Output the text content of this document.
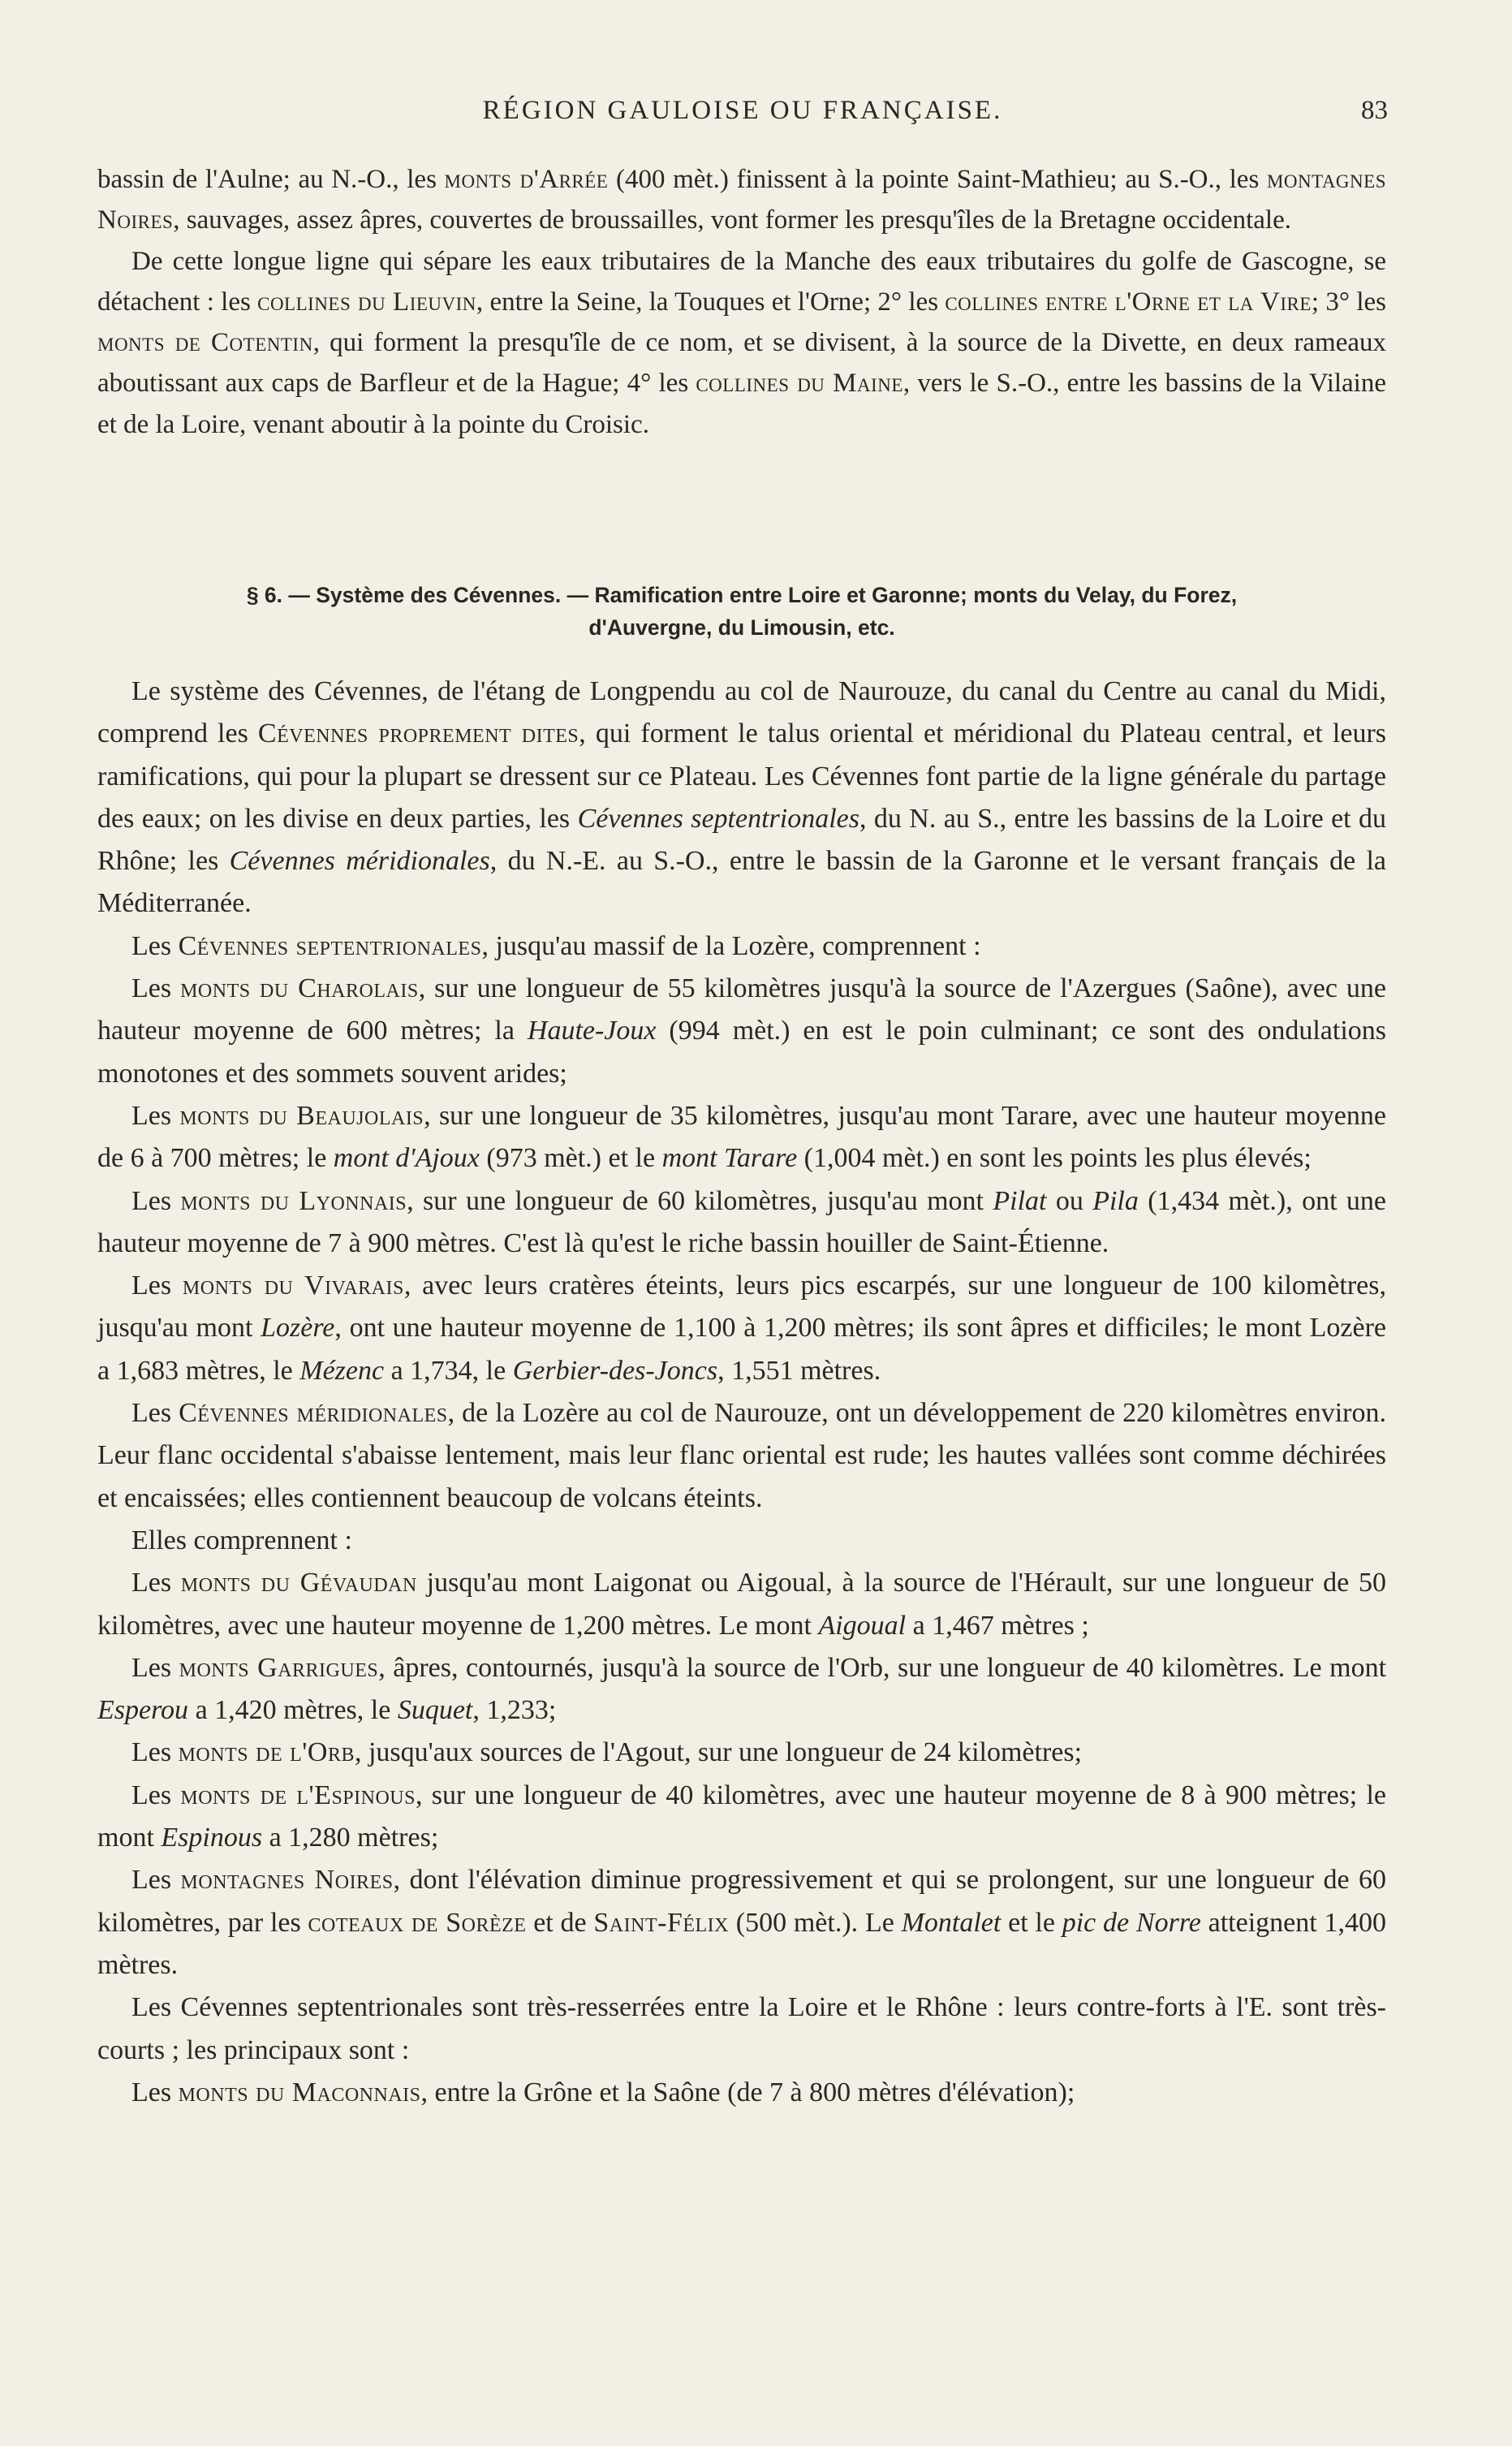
RÉGION GAULOISE OU FRANÇAISE.	83

bassin de l'Aulne; au N.-O., les monts d'Arrée (400 mèt.) finissent à la pointe Saint-Mathieu; au S.-O., les montagnes Noires, sauvages, assez âpres, couvertes de broussailles, vont former les presqu'îles de la Bretagne occidentale.

De cette longue ligne qui sépare les eaux tributaires de la Manche des eaux tributaires du golfe de Gascogne, se détachent : les collines du Lieuvin, entre la Seine, la Touques et l'Orne; 2° les collines entre l'Orne et la Vire; 3° les monts de Cotentin, qui forment la presqu'île de ce nom, et se divisent, à la source de la Divette, en deux rameaux aboutissant aux caps de Barfleur et de la Hague; 4° les collines du Maine, vers le S.-O., entre les bassins de la Vilaine et de la Loire, venant aboutir à la pointe du Croisic.

§ 6. — Système des Cévennes. — Ramification entre Loire et Garonne; monts du Velay, du Forez,
d'Auvergne, du Limousin, etc.

Le système des Cévennes, de l'étang de Longpendu au col de Naurouze, du canal du Centre au canal du Midi, comprend les Cévennes proprement dites, qui forment le talus oriental et méridional du Plateau central, et leurs ramifications, qui pour la plupart se dressent sur ce Plateau. Les Cévennes font partie de la ligne générale du partage des eaux; on les divise en deux parties, les Cévennes septentrionales, du N. au S., entre les bassins de la Loire et du Rhône; les Cévennes méridionales, du N.-E. au S.-O., entre le bassin de la Garonne et le versant français de la Méditerranée.

Les Cévennes septentrionales, jusqu'au massif de la Lozère, comprennent :

Les monts du Charolais, sur une longueur de 55 kilomètres jusqu'à la source de l'Azergues (Saône), avec une hauteur moyenne de 600 mètres; la Haute-Joux (994 mèt.) en est le poin culminant; ce sont des ondulations monotones et des sommets souvent arides;

Les monts du Beaujolais, sur une longueur de 35 kilomètres, jusqu'au mont Tarare, avec une hauteur moyenne de 6 à 700 mètres; le mont d'Ajoux (973 mèt.) et le mont Tarare (1,004 mèt.) en sont les points les plus élevés;

Les monts du Lyonnais, sur une longueur de 60 kilomètres, jusqu'au mont Pilat ou Pila (1,434 mèt.), ont une hauteur moyenne de 7 à 900 mètres. C'est là qu'est le riche bassin houiller de Saint-Étienne.

Les monts du Vivarais, avec leurs cratères éteints, leurs pics escarpés, sur une longueur de 100 kilomètres, jusqu'au mont Lozère, ont une hauteur moyenne de 1,100 à 1,200 mètres; ils sont âpres et difficiles; le mont Lozère a 1,683 mètres, le Mézenc a 1,734, le Gerbier-des-Joncs, 1,551 mètres.

Les Cévennes méridionales, de la Lozère au col de Naurouze, ont un développement de 220 kilomètres environ. Leur flanc occidental s'abaisse lentement, mais leur flanc oriental est rude; les hautes vallées sont comme déchirées et encaissées; elles contiennent beaucoup de volcans éteints.

Elles comprennent :

Les monts du Gévaudan jusqu'au mont Laigonat ou Aigoual, à la source de l'Hérault, sur une longueur de 50 kilomètres, avec une hauteur moyenne de 1,200 mètres. Le mont Aigoual a 1,467 mètres ;

Les monts Garrigues, âpres, contournés, jusqu'à la source de l'Orb, sur une longueur de 40 kilomètres. Le mont Esperou a 1,420 mètres, le Suquet, 1,233;

Les monts de l'Orb, jusqu'aux sources de l'Agout, sur une longueur de 24 kilomètres;

Les monts de l'Espinous, sur une longueur de 40 kilomètres, avec une hauteur moyenne de 8 à 900 mètres; le mont Espinous a 1,280 mètres;

Les montagnes Noires, dont l'élévation diminue progressivement et qui se prolongent, sur une longueur de 60 kilomètres, par les coteaux de Sorèze et de Saint-Félix (500 mèt.). Le Montalet et le pic de Norre atteignent 1,400 mètres.

Les Cévennes septentrionales sont très-resserrées entre la Loire et le Rhône : leurs contre-forts à l'E. sont très-courts ; les principaux sont :

Les monts du Maconnais, entre la Grône et la Saône (de 7 à 800 mètres d'élévation);
